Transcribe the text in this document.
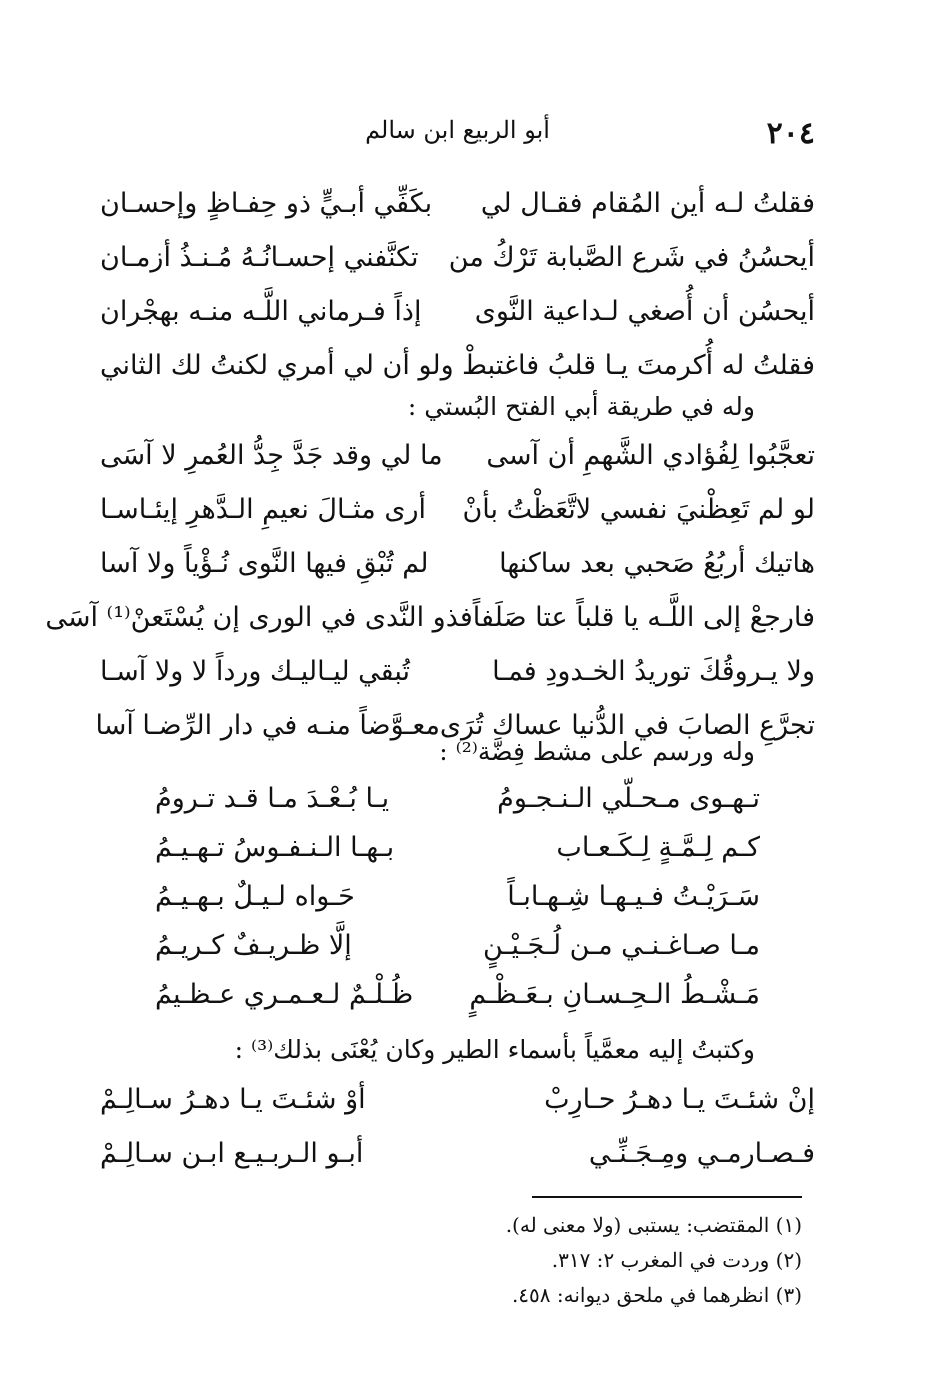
٢٠٤
أبو الربيع ابن سالم
فقلتُ لـه أين المُقام فقـال لي
بكَفِّي أبـيٍّ ذو حِفـاظٍ وإحسـان
أيحسُنُ في شَرع الصَّبابة تَرْكُ من
تكنَّفني إحسـانُـهُ مُـنـذُ أزمـان
أيحسُن أن أُصغي لـداعية النَّوى
إذاً فـرماني اللَّـه منـه بهجْران
فقلتُ له أُكرمتَ يـا قلبُ فاغتبطْ
ولو أن لي أمري لكنتُ لك الثاني
وله في طريقة أبي الفتح البُستي :
تعجَّبُوا لِفُؤادي الشَّهمِ أن آسى
ما لي وقد جَدَّ جِدُّ العُمرِ لا آسَى
لو لم تَعِظْنيَ نفسي لاتَّعَظْتُ بأنْ
أرى مثـالَ نعيمِ الـدَّهرِ إيئـاسـا
هاتيك أربُعُ صَحبي بعد ساكنها
لم تُبْقِ فيها النَّوى نُـؤْياً ولا آسا
فارجعْ إلى اللَّـه يا قلباً عتا صَلَفاً
فذو النَّدى في الورى إن يُسْتَعنْ⁽¹⁾ آسَى
ولا يـروقُكَ توريدُ الخـدودِ فمـا
تُبقي ليـاليـك ورداً لا ولا آسـا
تجرَّعِ الصابَ في الدُّنيا عساك تُرَى
معـوَّضاً منـه في دار الرِّضـا آسا
وله ورسم على مشط فِضَّة⁽²⁾ :
تـهـوى مـحـلّي الـنـجـومُ
يـا بُـعْـدَ مـا قـد تـرومُ
كـم لِـمَّـةٍ لِـكَـعـاب
بـهـا الـنـفـوسُ تـهـيـمُ
سَـرَيْـتُ فـيـهـا شِـهـابـاً
حَـواه لـيـلٌ بـهـيـمُ
مـا صـاغـنـي مـن لُـجَـيْـنٍ
إلَّا ظـريـفٌ كـريـمُ
مَـشْـطُ الـحِـسـانِ بـعَـظْـمٍ
ظُـلْـمٌ لـعـمـري عـظـيمُ
وكتبتُ إليه معمَّياً بأسماء الطير وكان يُعْنَى بذلك⁽³⁾ :
إنْ شئـتَ يـا دهـرُ حـارِبْ
أوْ شئـتَ يـا دهـرُ سـالِـمْ
فـصـارمـي ومِـجَـنِّـي
أبـو الـربـيـع ابـن سـالِـمْ
(١) المقتضب: يستبى (ولا معنى له).
(٢) وردت في المغرب ٢: ٣١٧.
(٣) انظرهما في ملحق ديوانه: ٤٥٨.
